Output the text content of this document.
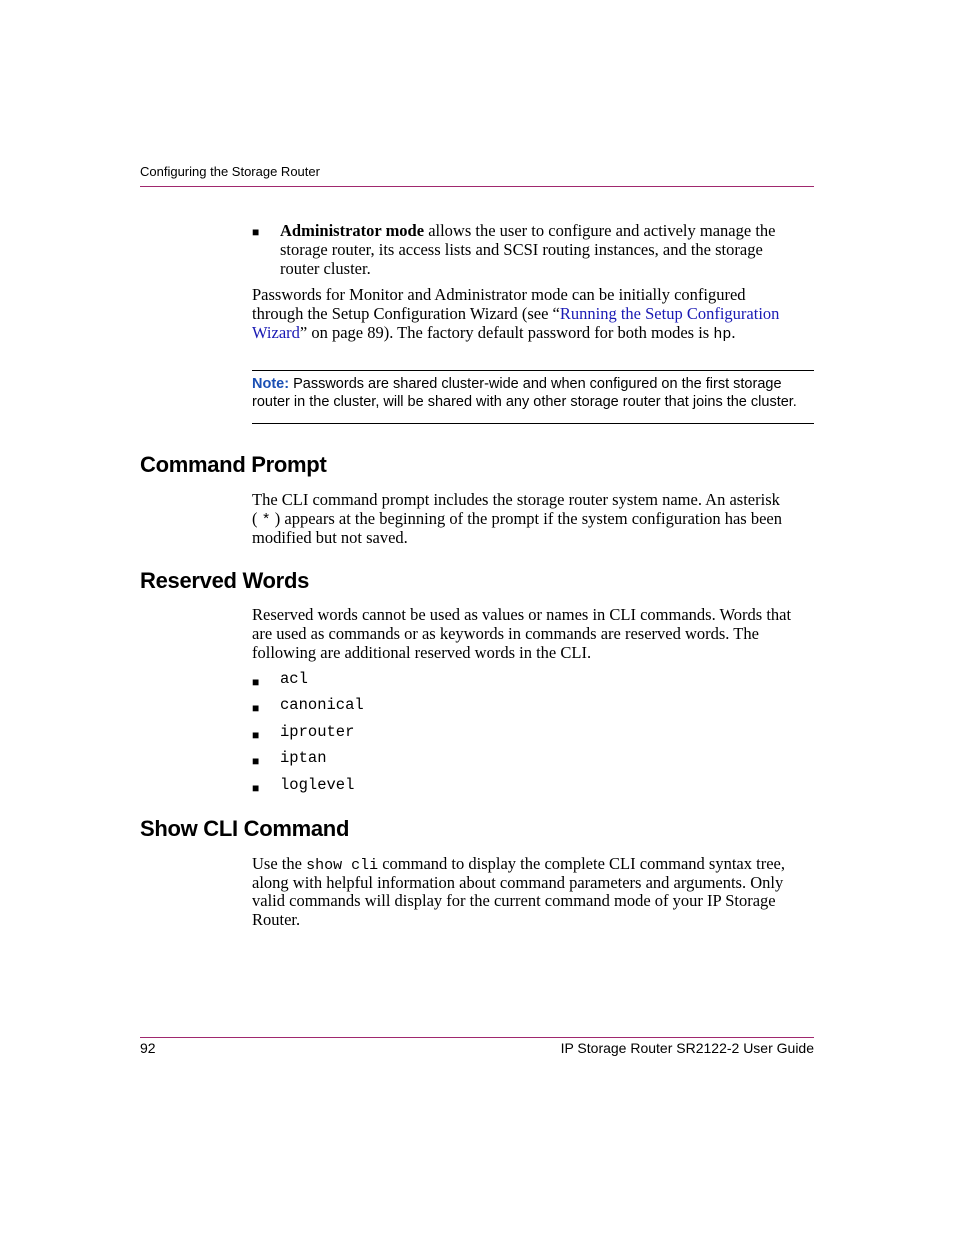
Configuring the Storage Router
■ Administrator mode allows the user to configure and actively manage the
storage router, its access lists and SCSI routing instances, and the storage
router cluster.
Passwords for Monitor and Administrator mode can be initially configured
through the Setup Configuration Wizard (see “Running the Setup Configuration
Wizard” on page 89). The factory default password for both modes is hp.
Note: Passwords are shared cluster-wide and when configured on the first storage
router in the cluster, will be shared with any other storage router that joins the cluster.
Command Prompt
The CLI command prompt includes the storage router system name. An asterisk
( * ) appears at the beginning of the prompt if the system configuration has been
modified but not saved.
Reserved Words
Reserved words cannot be used as values or names in CLI commands. Words that
are used as commands or as keywords in commands are reserved words. The
following are additional reserved words in the CLI.
■ acl
■ canonical
■ iprouter
■ iptan
■ loglevel
Show CLI Command
Use the show cli command to display the complete CLI command syntax tree,
along with helpful information about command parameters and arguments. Only
valid commands will display for the current command mode of your IP Storage
Router.
92	IP Storage Router SR2122-2 User Guide
